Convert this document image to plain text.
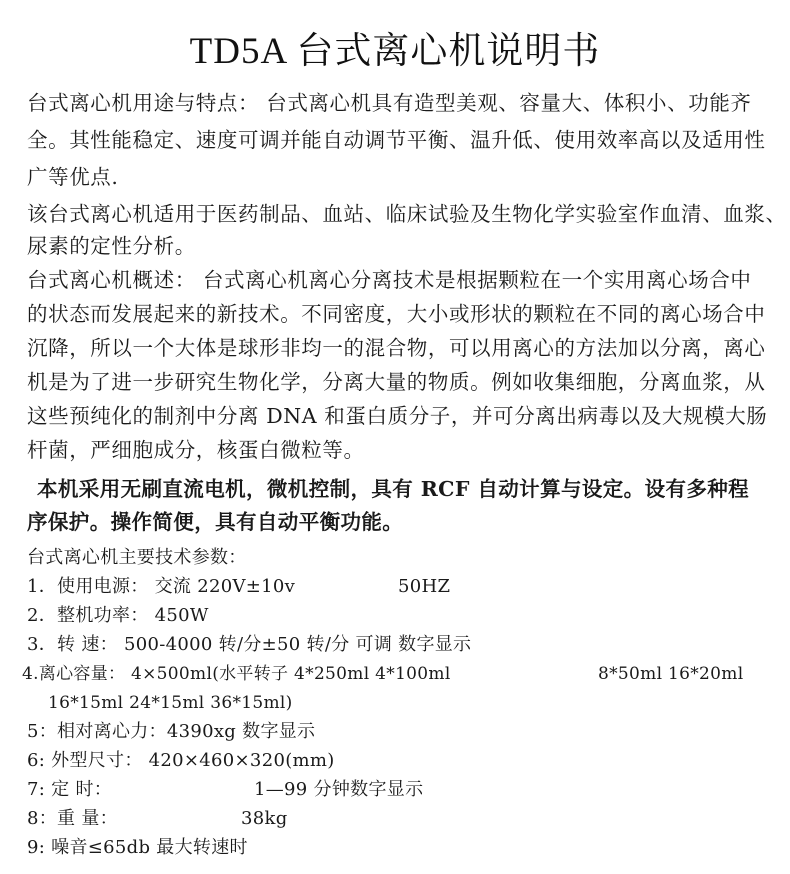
TD5A 台式离心机说明书
台式离心机用途与特点： 台式离心机具有造型美观、容量大、体积小、功能齐
全。其性能稳定、速度可调并能自动调节平衡、温升低、使用效率高以及适用性
广等优点.
该台式离心机适用于医药制品、血站、临床试验及生物化学实验室作血清、血浆、
尿素的定性分析。
台式离心机概述： 台式离心机离心分离技术是根据颗粒在一个实用离心场合中
的状态而发展起来的新技术。不同密度，大小或形状的颗粒在不同的离心场合中
沉降，所以一个大体是球形非均一的混合物，可以用离心的方法加以分离，离心
机是为了进一步研究生物化学，分离大量的物质。例如收集细胞，分离血浆，从
这些预纯化的制剂中分离 DNA 和蛋白质分子，并可分离出病毒以及大规模大肠
杆菌，严细胞成分，核蛋白微粒等。
本机采用无刷直流电机，微机控制，具有 RCF 自动计算与设定。设有多种程
序保护。操作简便，具有自动平衡功能。
台式离心机主要技术参数：
1．使用电源： 交流 220V±10v	50HZ
2．整机功率： 450W
3．转 速： 500-4000 转/分±50 转/分 可调 数字显示
4.离心容量： 4×500ml(水平转子 4*250ml 4*100ml	8*50ml 16*20ml
16*15ml 24*15ml 36*15ml)
5：相对离心力：4390xg 数字显示
6: 外型尺寸： 420×460×320(mm)
7: 定 时：	1—99 分钟数字显示
8：重 量：	38kg
9: 噪音≤65db 最大转速时
